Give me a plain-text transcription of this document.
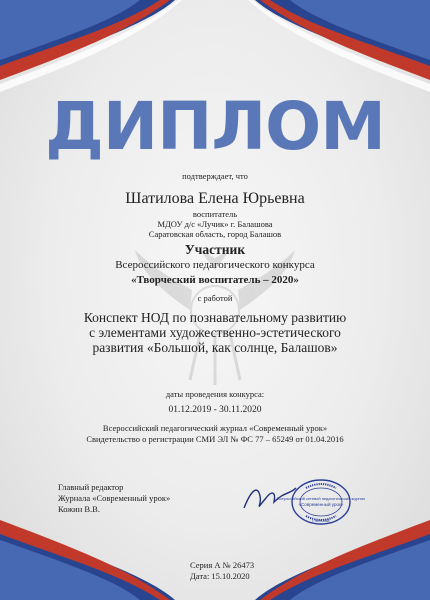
ДИПЛОМ
подтверждает, что
Шатилова Елена Юрьевна
воспитатель
МДОУ д/с «Лучик» г. Балашова
Саратовская область, город Балашов
Участник
Всероссийского педагогического конкурса
«Творческий воспитатель – 2020»
с работой
Конспект НОД по познавательному развитию
с элементами художественно-эстетического
развития «Большой, как солнце, Балашов»
даты проведения конкурса:
01.12.2019 - 30.11.2020
Всероссийский педагогический журнал «Современный урок»
Свидетельство о регистрации СМИ ЭЛ № ФС 77 – 65249 от 01.04.2016
Главный редактор
Журнала «Современный урок»
Кожин В.В.
Всероссийский сетевой педагогический журнал
«Современный урок»
г. МОСКВА
Серия А № 26473
Дата: 15.10.2020
